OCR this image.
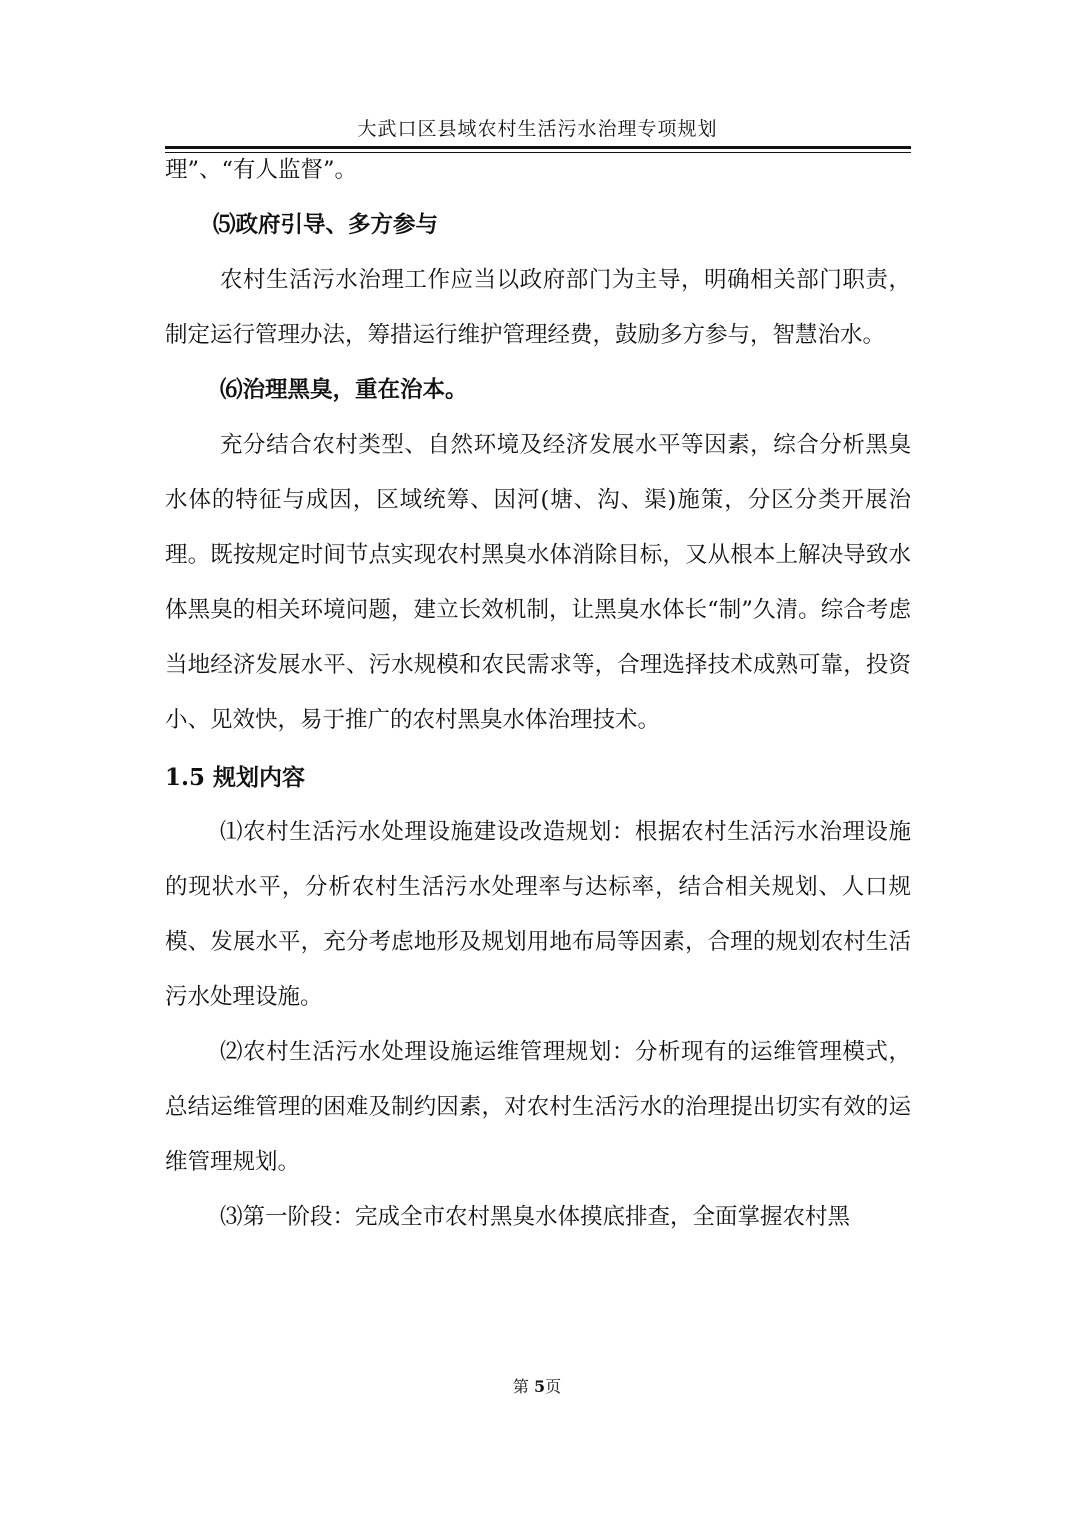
大武口区县域农村生活污水治理专项规划

理”、“有人监督”。

⑸政府引导、多方参与

农村生活污水治理工作应当以政府部门为主导，明确相关部门职责，制定运行管理办法，筹措运行维护管理经费，鼓励多方参与，智慧治水。

⑹治理黑臭，重在治本。

充分结合农村类型、自然环境及经济发展水平等因素，综合分析黑臭水体的特征与成因，区域统筹、因河(塘、沟、渠)施策，分区分类开展治理。既按规定时间节点实现农村黑臭水体消除目标，又从根本上解决导致水体黑臭的相关环境问题，建立长效机制，让黑臭水体长“制”久清。综合考虑当地经济发展水平、污水规模和农民需求等，合理选择技术成熟可靠，投资小、见效快，易于推广的农村黑臭水体治理技术。

1.5 规划内容

⑴农村生活污水处理设施建设改造规划：根据农村生活污水治理设施的现状水平，分析农村生活污水处理率与达标率，结合相关规划、人口规模、发展水平，充分考虑地形及规划用地布局等因素，合理的规划农村生活污水处理设施。

⑵农村生活污水处理设施运维管理规划：分析现有的运维管理模式，总结运维管理的困难及制约因素，对农村生活污水的治理提出切实有效的运维管理规划。

⑶第一阶段：完成全市农村黑臭水体摸底排查，全面掌握农村黑

第 5页
